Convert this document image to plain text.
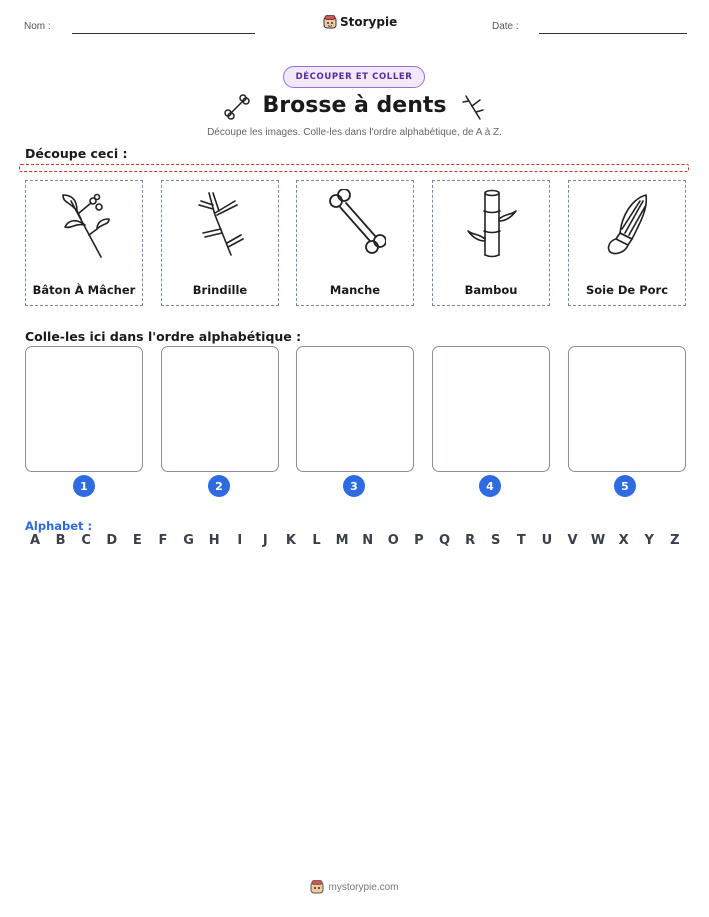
Nom :	Storypie	Date :
DÉCOUPER ET COLLER
Brosse à dents
Découpe les images. Colle-les dans l'ordre alphabétique, de A à Z.
Découpe ceci :
Bâton À Mâcher	Brindille	Manche	Bambou	Soie De Porc
Colle-les ici dans l'ordre alphabétique :
1	2	3	4	5
Alphabet :
A	B	C	D	E	F	G	H	I	J	K	L	M	N	O	P	Q	R	S	T	U	V	W	X	Y	Z
mystorypie.com
